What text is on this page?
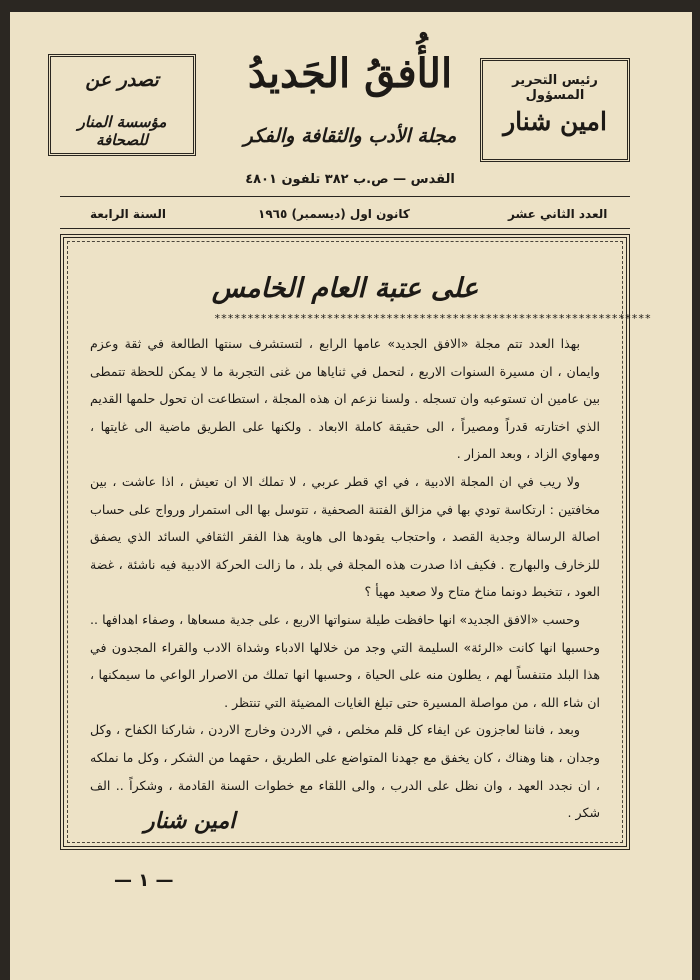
تصدر عن
مؤسسة المنار للصحافة
الأُفقُ الجَديدُ
مجلة الأدب والثقافة والفكر
القدس — ص.ب ٣٨٢ تلفون ٤٨٠١
رئيس التحرير المسؤول
امين شنار
العدد الثاني عشر
كانون اول (ديسمبر) ١٩٦٥
السنة الرابعة
على عتبة العام الخامس
******************************************************************

بهذا العدد تتم مجلة «الافق الجديد» عامها الرابع ، لتستشرف سنتها الطالعة في ثقة وعزم وايمان ، ان مسيرة السنوات الاربع ، لتحمل في ثناياها من غنى التجربة ما لا يمكن للحظة تتمطى بين عامين ان تستوعبه وان تسجله . ولسنا نزعم ان هذه المجلة ، استطاعت ان تحول حلمها القديم الذي اختارته قدراً ومصيراً ، الى حقيقة كاملة الابعاد . ولكنها على الطريق ماضية الى غايتها ، ومهاوي الزاد ، وبعد المزار .

ولا ريب في ان المجلة الادبية ، في اي قطر عربي ، لا تملك الا ان تعيش ، اذا عاشت ، بين مخافتين : ارتكاسة تودي بها في مزالق الفتنة الصحفية ، تتوسل بها الى استمرار ورواج على حساب اصالة الرسالة وجدية القصد ، واحتجاب يقودها الى هاوية هذا الفقر الثقافي السائد الذي يصفق للزخارف والبهارج . فكيف اذا صدرت هذه المجلة في بلد ، ما زالت الحركة الادبية فيه ناشئة ، غضة العود ، تتخبط دونما مناخ متاح ولا صعيد مهيأ ؟

وحسب «الافق الجديد» انها حافظت طيلة سنواتها الاربع ، على جدية مسعاها ، وصفاء اهدافها .. وحسبها انها كانت «الرئة» السليمة التي وجد من خلالها الادباء وشداة الادب والقراء المجدون في هذا البلد متنفساً لهم ، يطلون منه على الحياة ، وحسبها انها تملك من الاصرار الواعي ما سيمكنها ، ان شاء الله ، من مواصلة المسيرة حتى تبلغ الغايات المضيئة التي تنتظر .

وبعد ، فاننا لعاجزون عن ايفاء كل قلم مخلص ، في الاردن وخارج الاردن ، شاركنا الكفاح ، وكل وجدان ، هنا وهناك ، كان يخفق مع جهدنا المتواضع على الطريق ، حقهما من الشكر ، وكل ما نملكه ، ان نجدد العهد ، وان نظل على الدرب ، والى اللقاء مع خطوات السنة القادمة ، وشكراً .. الف شكر .

امين شنار
— ١ —
